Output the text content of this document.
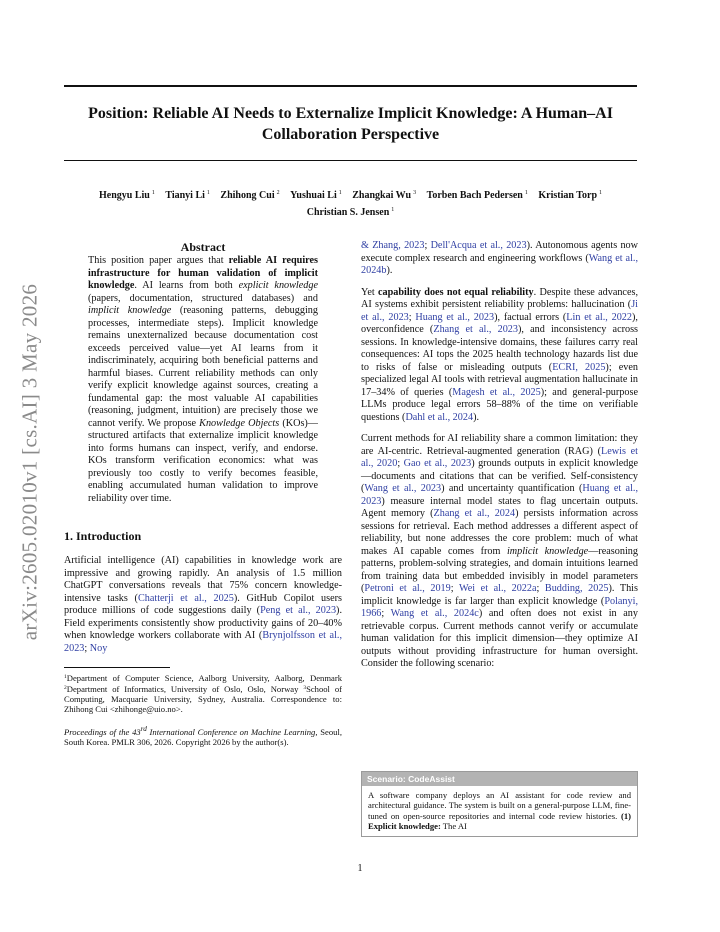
Position: Reliable AI Needs to Externalize Implicit Knowledge: A Human–AI Collaboration Perspective
Hengyu Liu $^1$ Tianyi Li $^1$ Zhihong Cui $^2$ Yushuai Li $^1$ Zhangkai Wu $^3$ Torben Bach Pedersen $^1$ Kristian Torp $^1$
Christian S. Jensen $^1$
arXiv:2605.02010v1 [cs.AI] 3 May 2026
Abstract

This position paper argues that reliable AI requires infrastructure for human validation of implicit knowledge. AI learns from both explicit knowledge (papers, documentation, structured databases) and implicit knowledge (reasoning patterns, debugging processes, intermediate steps). Implicit knowledge remains unexternalized because documentation cost exceeds perceived value—yet AI learns from it indiscriminately, acquiring both beneficial patterns and harmful biases. Current reliability methods can only verify explicit knowledge against sources, creating a fundamental gap: the most valuable AI capabilities (reasoning, judgment, intuition) are precisely those we cannot verify. We propose Knowledge Objects (KOs)—structured artifacts that externalize implicit knowledge into forms humans can inspect, verify, and endorse. KOs transform verification economics: what was previously too costly to verify becomes feasible, enabling accumulated human validation to improve reliability over time.

1. Introduction

Artificial intelligence (AI) capabilities in knowledge work are impressive and growing rapidly. An analysis of 1.5 million ChatGPT conversations reveals that 75% concern knowledge-intensive tasks (Chatterji et al., 2025). GitHub Copilot users produce millions of code suggestions daily (Peng et al., 2023). Field experiments consistently show productivity gains of 20–40% when knowledge workers collaborate with AI (Brynjolfsson et al., 2023; Noy

$^1$Department of Computer Science, Aalborg University, Aalborg, Denmark $^2$Department of Informatics, University of Oslo, Oslo, Norway $^3$School of Computing, Macquarie University, Sydney, Australia. Correspondence to: Zhihong Cui <zhihonge@uio.no>.

Proceedings of the 43rd International Conference on Machine Learning, Seoul, South Korea. PMLR 306, 2026. Copyright 2026 by the author(s).

& Zhang, 2023; Dell'Acqua et al., 2023). Autonomous agents now execute complex research and engineering workflows (Wang et al., 2024b).

Yet capability does not equal reliability. Despite these advances, AI systems exhibit persistent reliability problems: hallucination (Ji et al., 2023; Huang et al., 2023), factual errors (Lin et al., 2022), overconfidence (Zhang et al., 2023), and inconsistency across sessions. In knowledge-intensive domains, these failures carry real consequences: AI tops the 2025 health technology hazards list due to risks of false or misleading outputs (ECRI, 2025); even specialized legal AI tools with retrieval augmentation hallucinate in 17–34% of queries (Magesh et al., 2025); and general-purpose LLMs produce legal errors 58–88% of the time on verifiable questions (Dahl et al., 2024).

Current methods for AI reliability share a common limitation: they are AI-centric. Retrieval-augmented generation (RAG) (Lewis et al., 2020; Gao et al., 2023) grounds outputs in explicit knowledge—documents and citations that can be verified. Self-consistency (Wang et al., 2023) and uncertainty quantification (Huang et al., 2023) measure internal model states to flag uncertain outputs. Agent memory (Zhang et al., 2024) persists information across sessions for retrieval. Each method addresses a different aspect of reliability, but none addresses the core problem: much of what makes AI capable comes from implicit knowledge—reasoning patterns, problem-solving strategies, and domain intuitions learned from training data but embedded invisibly in model parameters (Petroni et al., 2019; Wei et al., 2022a; Budding, 2025). This implicit knowledge is far larger than explicit knowledge (Polanyi, 1966; Wang et al., 2024c) and often does not exist in any retrievable corpus. Current methods cannot verify or accumulate human validation for this implicit dimension—they optimize AI outputs without providing infrastructure for human oversight. Consider the following scenario:

Scenario: CodeAssist

A software company deploys an AI assistant for code review and architectural guidance. The system is built on a general-purpose LLM, fine-tuned on open-source repositories and internal code review histories. (1) Explicit knowledge: The AI

1
